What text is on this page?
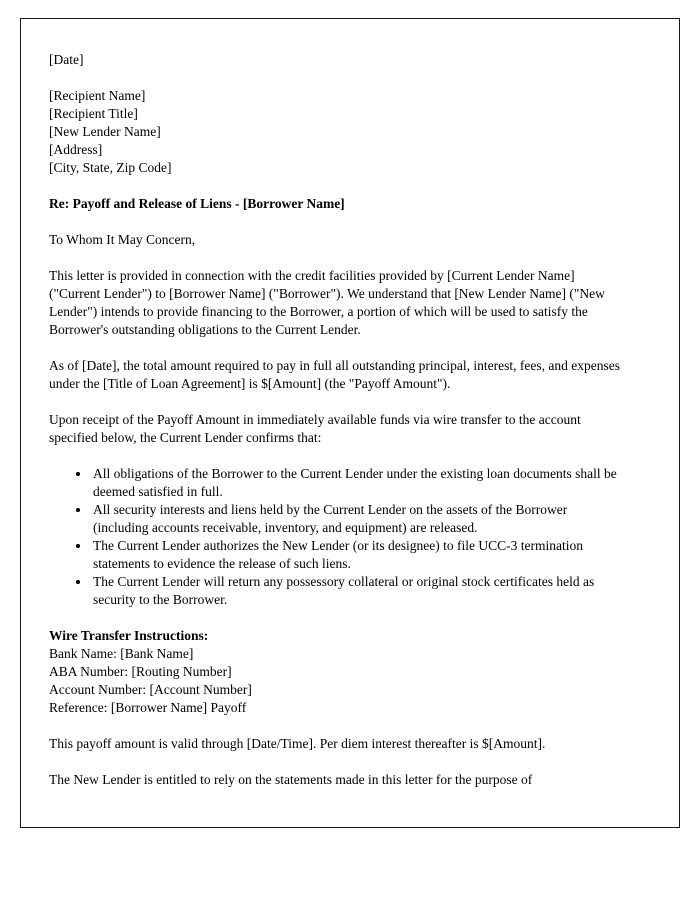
[Date]

[Recipient Name]
[Recipient Title]
[New Lender Name]
[Address]
[City, State, Zip Code]

Re: Payoff and Release of Liens - [Borrower Name]

To Whom It May Concern,

This letter is provided in connection with the credit facilities provided by [Current Lender Name] ("Current Lender") to [Borrower Name] ("Borrower"). We understand that [New Lender Name] ("New Lender") intends to provide financing to the Borrower, a portion of which will be used to satisfy the Borrower's outstanding obligations to the Current Lender.

As of [Date], the total amount required to pay in full all outstanding principal, interest, fees, and expenses under the [Title of Loan Agreement] is $[Amount] (the "Payoff Amount").

Upon receipt of the Payoff Amount in immediately available funds via wire transfer to the account specified below, the Current Lender confirms that:

• All obligations of the Borrower to the Current Lender under the existing loan documents shall be deemed satisfied in full.
• All security interests and liens held by the Current Lender on the assets of the Borrower (including accounts receivable, inventory, and equipment) are released.
• The Current Lender authorizes the New Lender (or its designee) to file UCC-3 termination statements to evidence the release of such liens.
• The Current Lender will return any possessory collateral or original stock certificates held as security to the Borrower.
Wire Transfer Instructions:
Bank Name: [Bank Name]
ABA Number: [Routing Number]
Account Number: [Account Number]
Reference: [Borrower Name] Payoff

This payoff amount is valid through [Date/Time]. Per diem interest thereafter is $[Amount].

The New Lender is entitled to rely on the statements made in this letter for the purpose of
